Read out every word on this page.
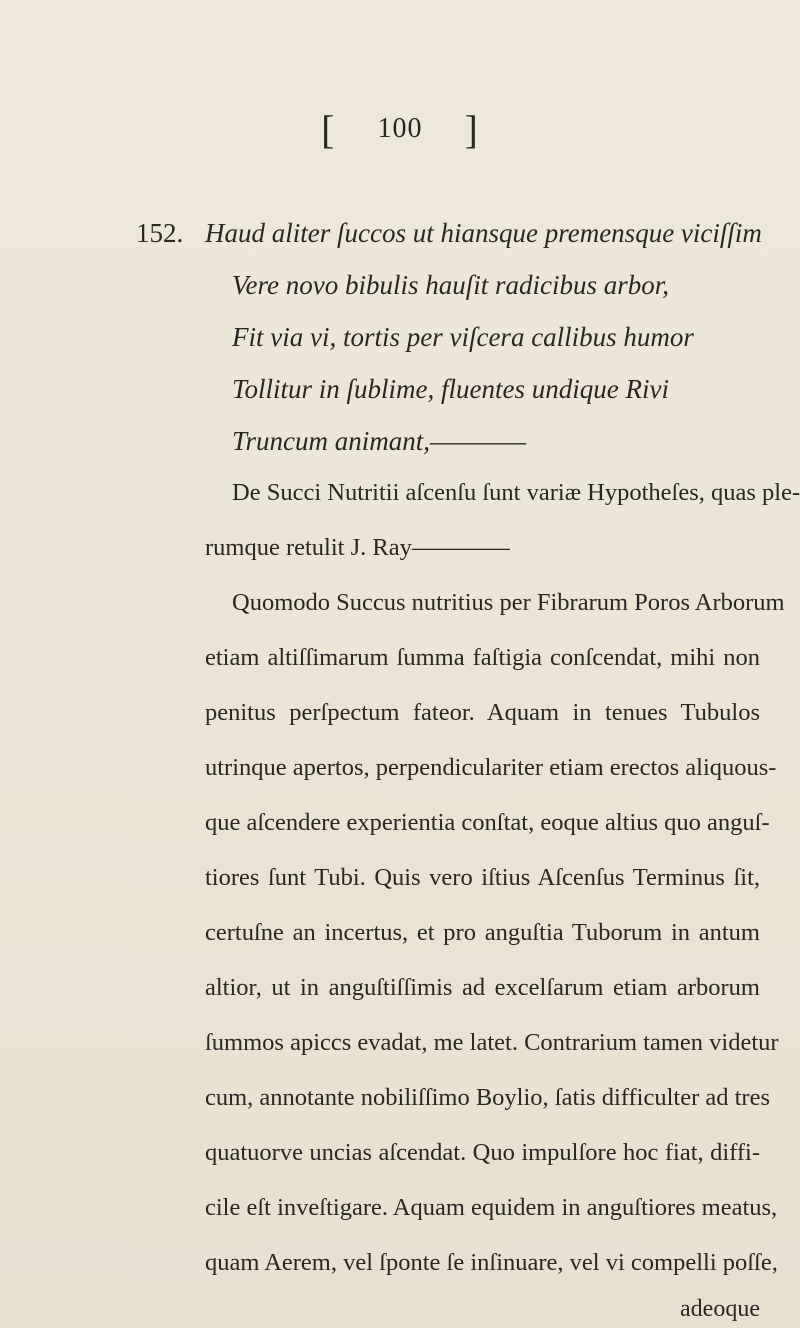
[ 100 ]
152. Haud aliter ſuccos ut hiansque premensque viciſſim
Vere novo bibulis hauſit radicibus arbor,
Fit via vi, tortis per viſcera callibus humor
Tollitur in ſublime, fluentes undique Rivi
Truncum animant,————
De Succi Nutritii aſcenſu ſunt variæ Hypotheſes, quas ple-
rumque retulit J. Ray————
Quomodo Succus nutritius per Fibrarum Poros Arborum
etiam altiſſimarum ſumma faſtigia conſcendat, mihi non
penitus perſpectum fateor. Aquam in tenues Tubulos
utrinque apertos, perpendiculariter etiam erectos aliquous-
que aſcendere experientia conſtat, eoque altius quo anguſ-
tiores ſunt Tubi. Quis vero iſtius Aſcenſus Terminus ſit,
certuſne an incertus, et pro anguſtia Tuborum in antum
altior, ut in anguſtiſſimis ad excelſarum etiam arborum
ſummos apiccs evadat, me latet. Contrarium tamen videtur
cum, annotante nobiliſſimo Boylio, ſatis difficulter ad tres
quatuorve uncias aſcendat. Quo impulſore hoc fiat, diffi-
cile eſt inveſtigare. Aquam equidem in anguſtiores meatus,
quam Aerem, vel ſponte ſe inſinuare, vel vi compelli poſſe,
adeoque
